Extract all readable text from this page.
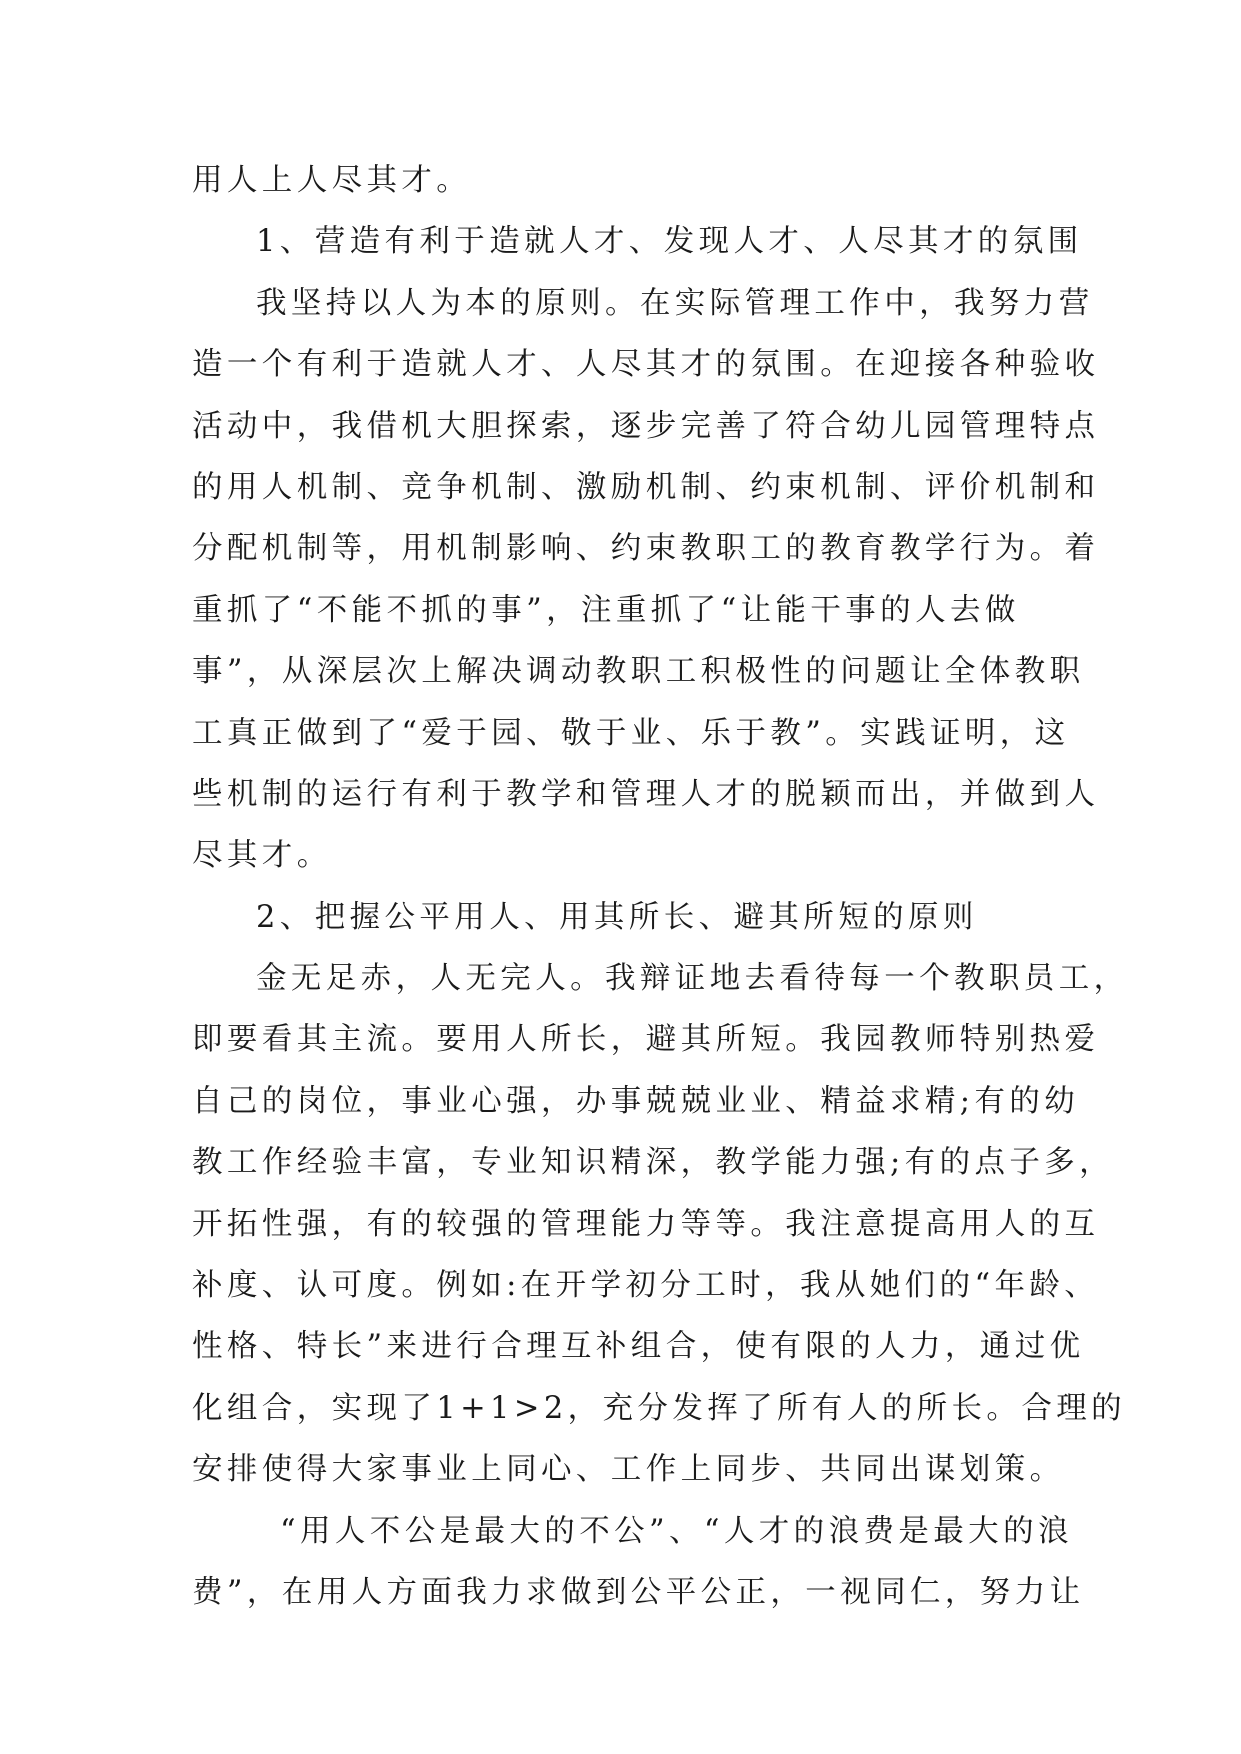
用人上人尽其才。
1、营造有利于造就人才、发现人才、人尽其才的氛围
我坚持以人为本的原则。在实际管理工作中，我努力营
造一个有利于造就人才、人尽其才的氛围。在迎接各种验收
活动中，我借机大胆探索，逐步完善了符合幼儿园管理特点
的用人机制、竞争机制、激励机制、约束机制、评价机制和
分配机制等，用机制影响、约束教职工的教育教学行为。着
重抓了“不能不抓的事”，注重抓了“让能干事的人去做
事”，从深层次上解决调动教职工积极性的问题让全体教职
工真正做到了“爱于园、敬于业、乐于教”。实践证明，这
些机制的运行有利于教学和管理人才的脱颖而出，并做到人
尽其才。
2、把握公平用人、用其所长、避其所短的原则
金无足赤，人无完人。我辩证地去看待每一个教职员工，
即要看其主流。要用人所长，避其所短。我园教师特别热爱
自己的岗位，事业心强，办事兢兢业业、精益求精;有的幼
教工作经验丰富，专业知识精深，教学能力强;有的点子多，
开拓性强，有的较强的管理能力等等。我注意提高用人的互
补度、认可度。例如:在开学初分工时，我从她们的“年龄、
性格、特长”来进行合理互补组合，使有限的人力，通过优
化组合，实现了1+1>2，充分发挥了所有人的所长。合理的
安排使得大家事业上同心、工作上同步、共同出谋划策。
“用人不公是最大的不公”、“人才的浪费是最大的浪
费”，在用人方面我力求做到公平公正，一视同仁，努力让
